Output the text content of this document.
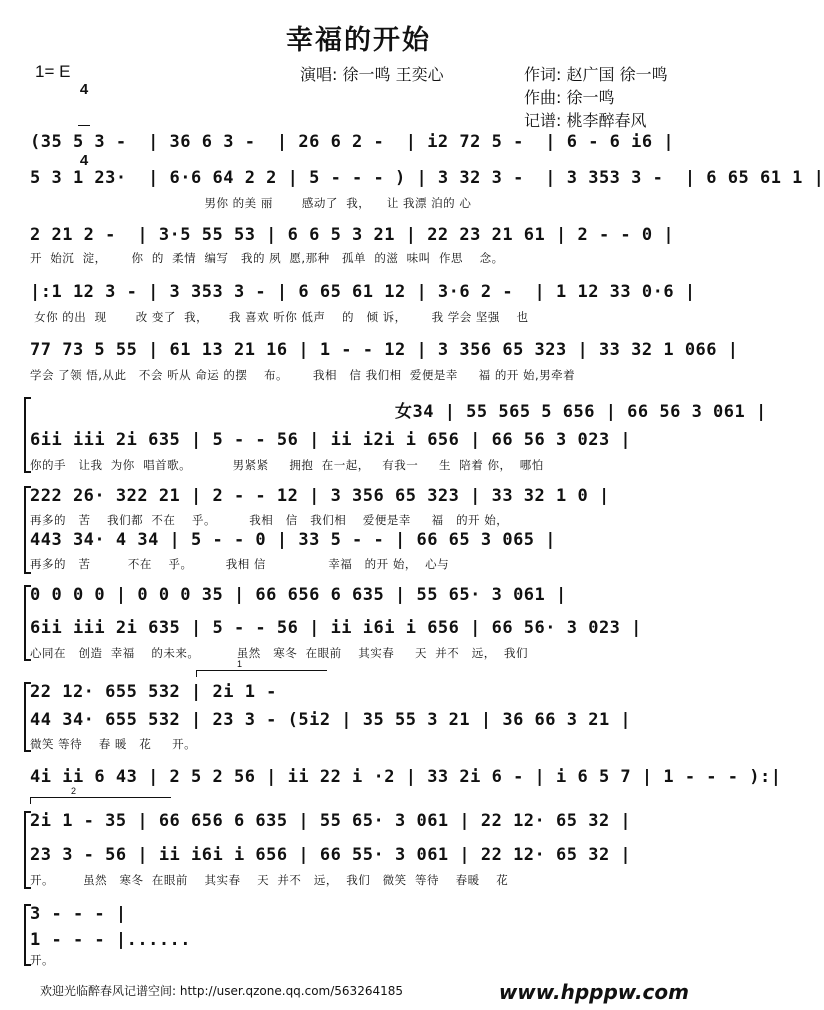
幸福的开始
1= E

4

4

演唱: 徐一鸣 王奕心	作词: 赵广国 徐一鸣
作曲: 徐一鸣
记谱: 桃李醉春风
(35 5 3 -  | 36 6 3 -  | 26 6 2 -  | i2 72 5 -  | 6 - 6 i6 |
5 3 1 23·  | 6·6 64 2 2 | 5 - - - ) | 3 32 3 -  | 3 353 3 -  | 6 65 61 1 |
男你 的美 丽       感动了  我，    让 我漂 泊的 心
2 21 2 -  | 3·5 55 53 | 6 6 5 3 21 | 22 23 21 61 | 2 - - 0 |
开  始沉  淀，      你  的  柔情  编写   我的 夙  愿,那种   孤单  的滋  味叫  作思    念。
|:1 12 3 - | 3 353 3 - | 6 65 61 12 | 3·6 2 -  | 1 12 33 0·6 |
女你 的出  现       改 变了  我，     我 喜欢 听你 低声    的   倾 诉，      我 学会 坚强    也
77 73 5 55 | 61 13 21 16 | 1 - - 12 | 3 356 65 323 | 33 32 1 066 |
学会 了领 悟,从此   不会 听从 命运 的摆    布。      我相   信 我们相  爱便是幸     福 的开 始,男牵着
女34 | 55 565 5 656 | 66 56 3 061 |
6ii iii 2i 635 | 5 - - 56 | ii i2i i 656 | 66 56 3 023 |
你的手   让我  为你  唱首歌。          男紧紧     拥抱  在一起，   有我一     生  陪着 你，  哪怕
222 26· 322 21 | 2 - - 12 | 3 356 65 323 | 33 32 1 0 |
再多的   苦    我们都  不在    乎。        我相   信   我们相    爱便是幸     福   的开 始，
443 34· 4 34 | 5 - - 0 | 33 5 - - | 66 65 3 065 |
再多的   苦         不在    乎。        我相 信               幸福   的开 始，  心与
0 0 0 0 | 0 0 0 35 | 66 656 6 635 | 55 65· 3 061 |
6ii iii 2i 635 | 5 - - 56 | ii i6i i 656 | 66 56· 3 023 |
心同在   创造  幸福    的未来。         虽然   寒冬  在眼前    其实春     天  并不   远，  我们
1
22 12· 655 532 | 2i 1 -
44 34· 655 532 | 23 3 - (5i2 | 35 55 3 21 | 36 66 3 21 |
微笑 等待    春 暖   花     开。
4i ii 6 43 | 2 5 2 56 | ii 22 i ·2 | 33 2i 6 - | i 6 5 7 | 1 - - - ):|
2
2i 1 - 35 | 66 656 6 635 | 55 65· 3 061 | 22 12· 65 32 |
23 3 - 56 | ii i6i i 656 | 66 55· 3 061 | 22 12· 65 32 |
开。       虽然   寒冬  在眼前    其实春    天  并不   远，  我们   微笑  等待    春暖    花
3 - - - |
1 - - - |......
开。
欢迎光临醉春风记谱空间: http://user.qzone.qq.com/563264185	www.hpppw.com
